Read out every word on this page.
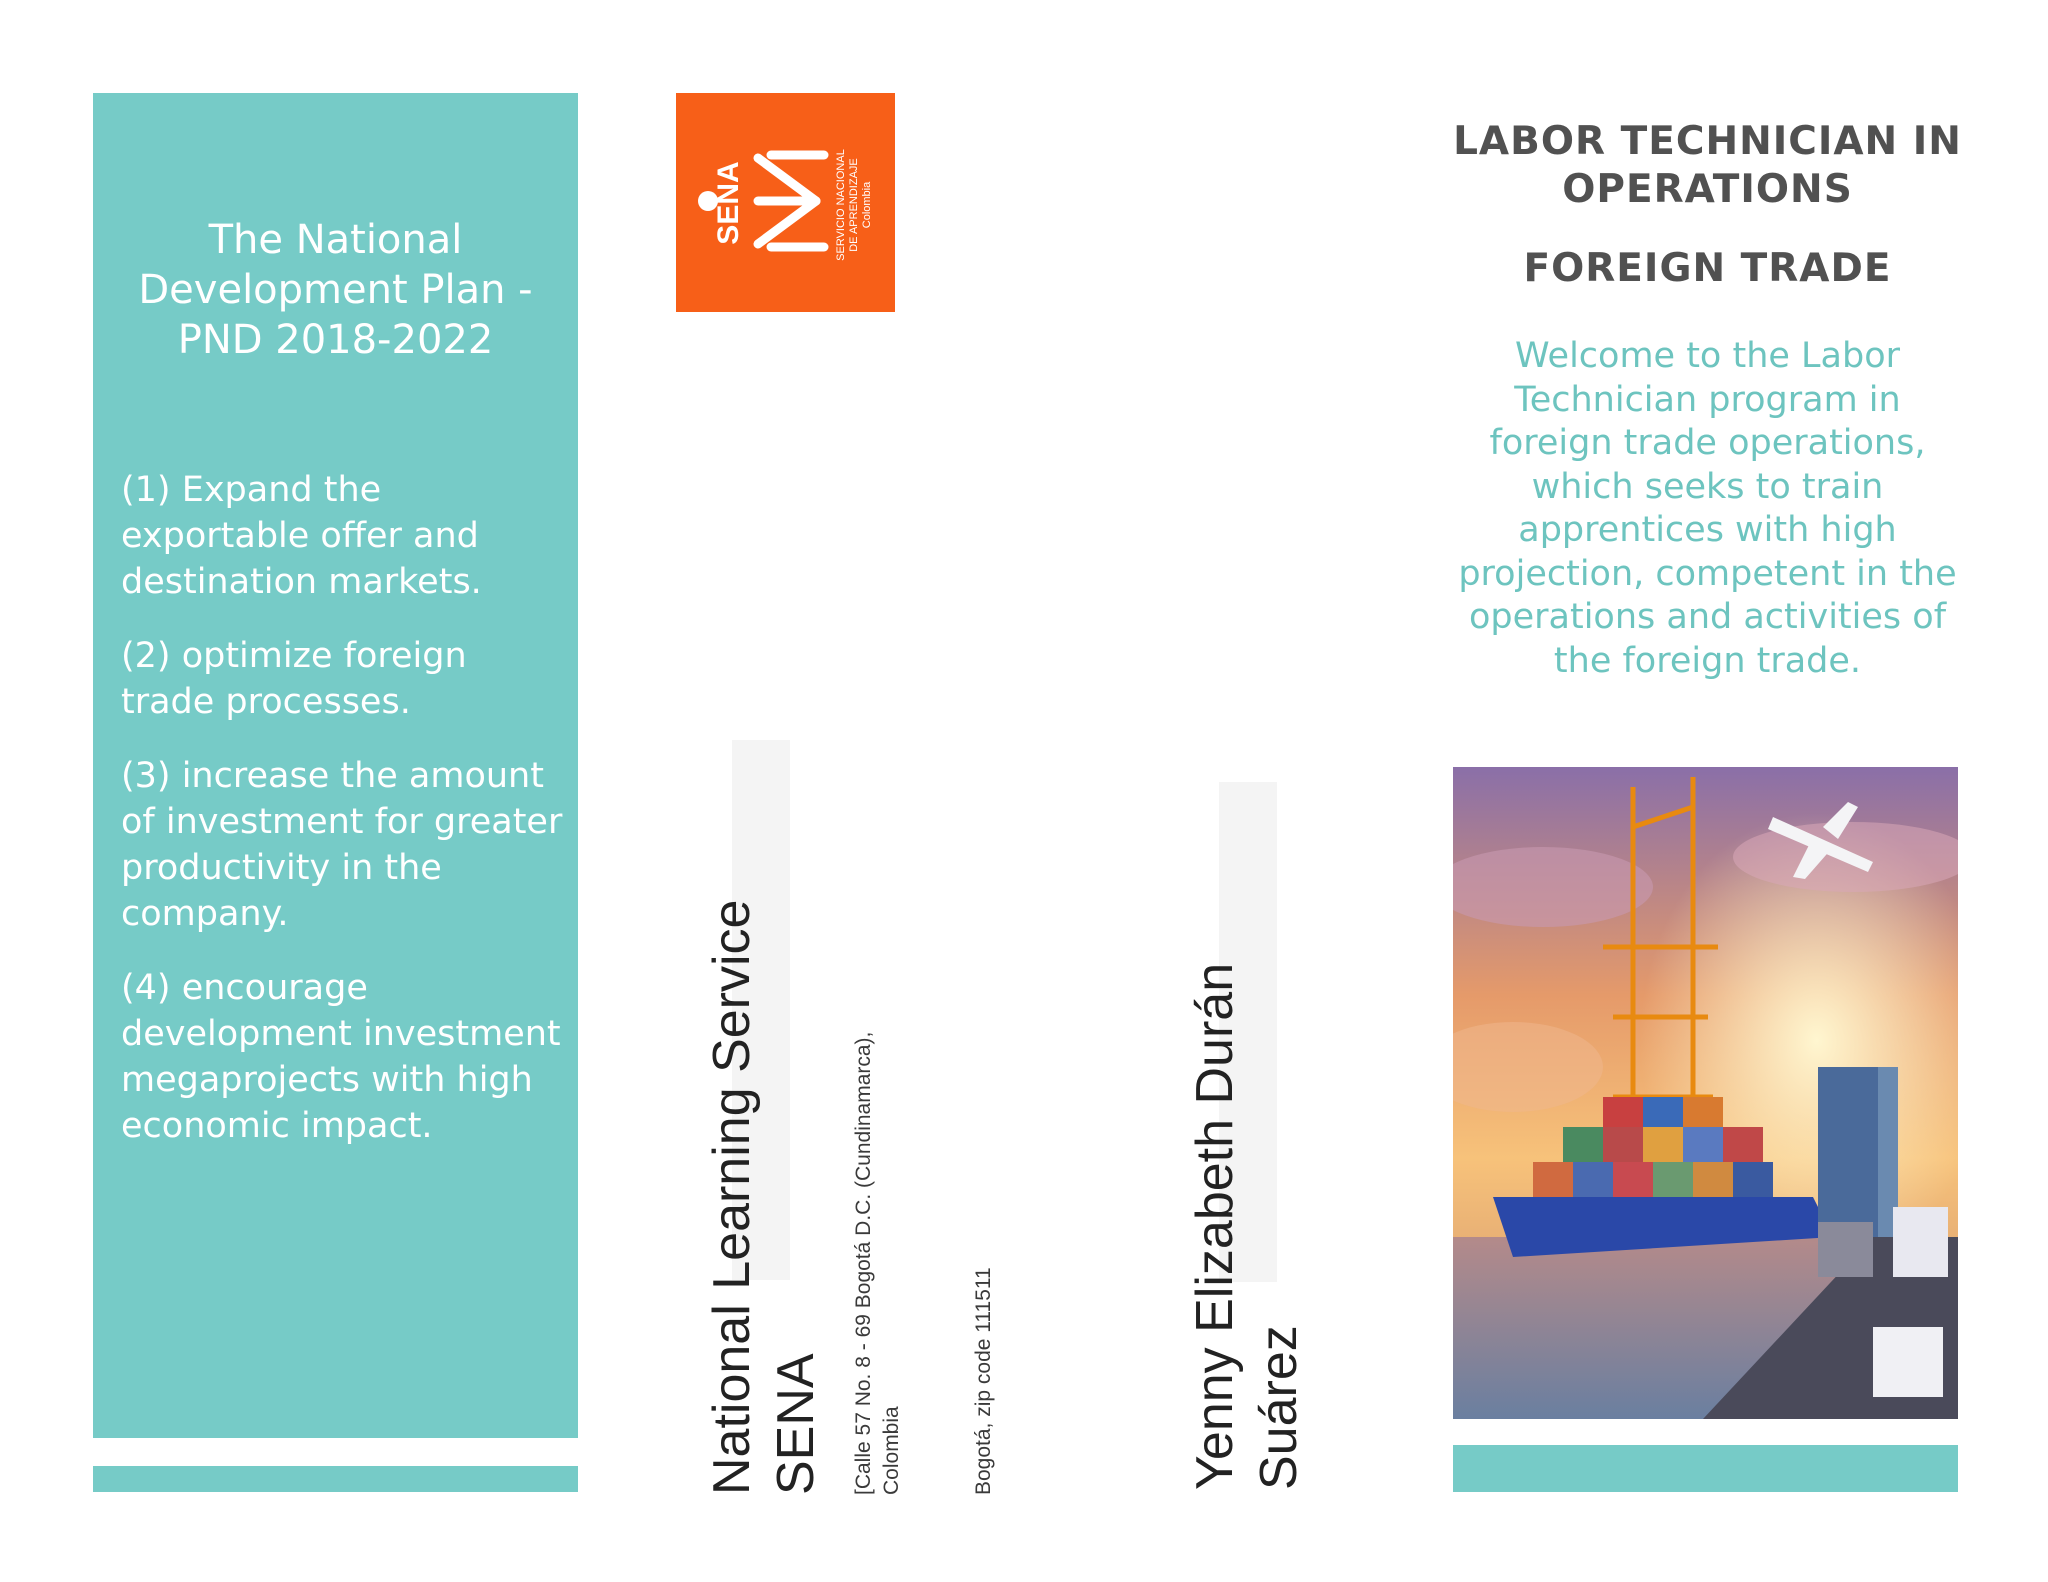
The National Development Plan - PND 2018-2022

(1) Expand the exportable offer and destination markets.

(2) optimize foreign trade processes.

(3) increase the amount of investment for greater productivity in the company.

(4) encourage development investment megaprojects with high economic impact.

SENA	SERVICIO NACIONAL DE APRENDIZAJE Colombia
National Learning Service SENA [Calle 57 No. 8 - 69 Bogotá D.C. (Cundinamarca), Colombia	Bogotá, zip code 111511	Yenny Elizabeth Durán Suárez
LABOR TECHNICIAN IN OPERATIONS
FOREIGN TRADE
Welcome to the Labor Technician program in foreign trade operations, which seeks to train apprentices with high projection, competent in the operations and activities of the foreign trade.
